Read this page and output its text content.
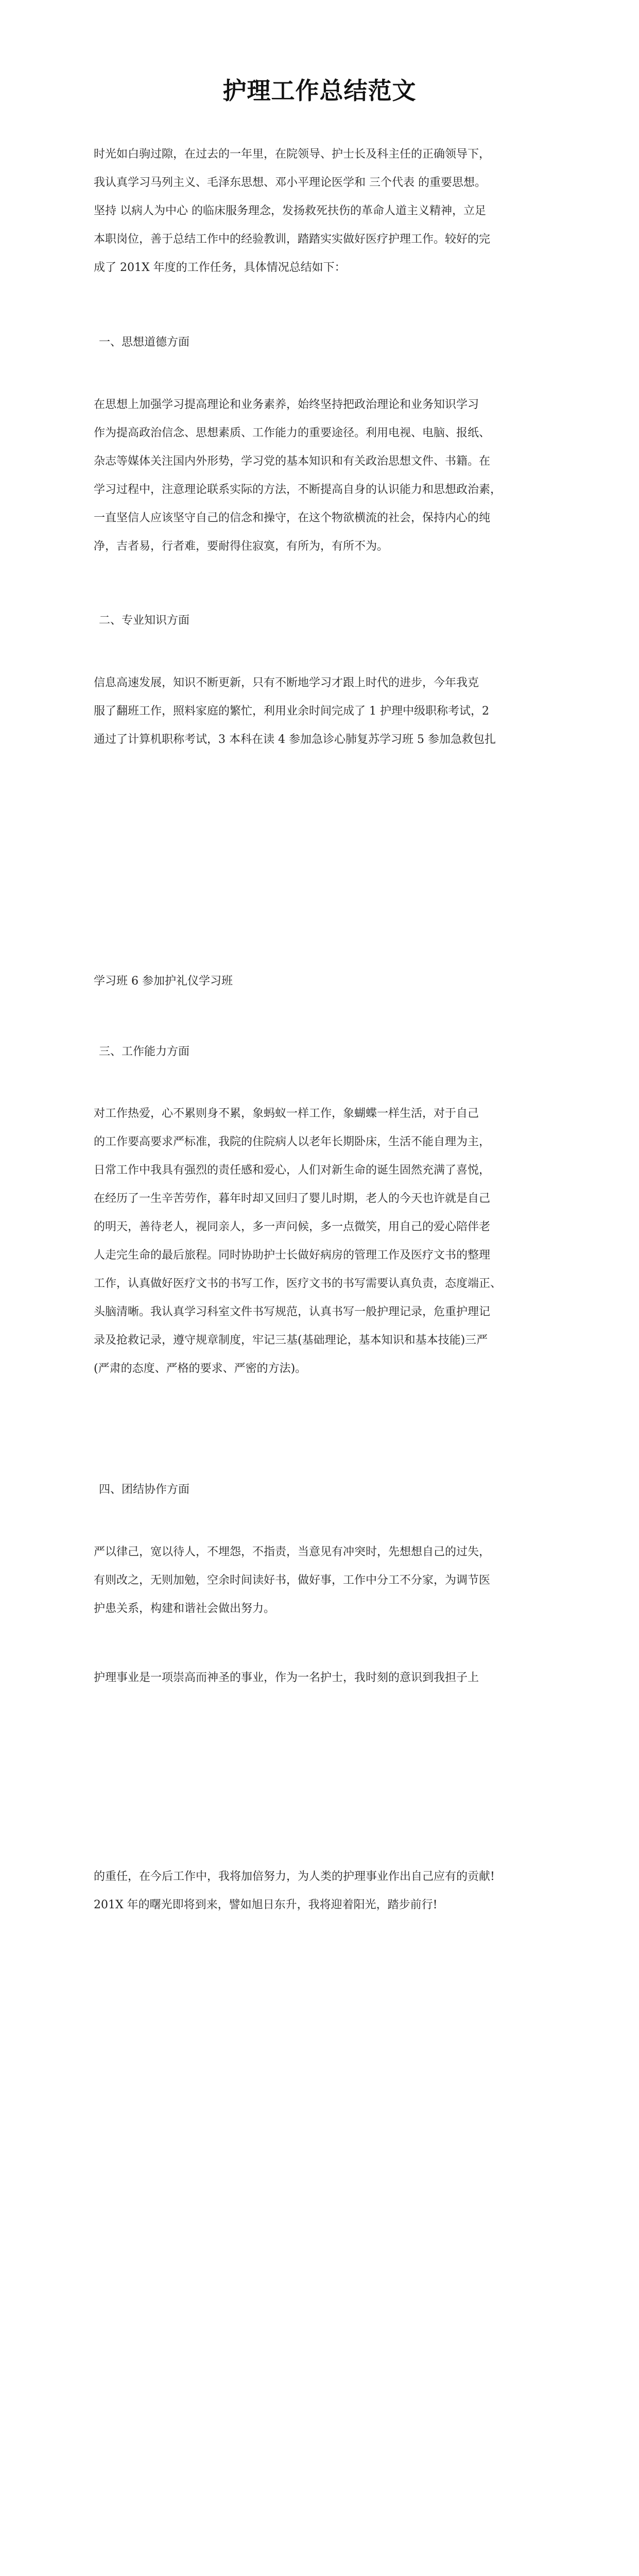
护理工作总结范文

时光如白驹过隙，在过去的一年里，在院领导、护士长及科主任的正确领导下，

我认真学习马列主义、毛泽东思想、邓小平理论医学和 三个代表 的重要思想。

坚持 以病人为中心 的临床服务理念，发扬救死扶伤的革命人道主义精神，立足

本职岗位，善于总结工作中的经验教训，踏踏实实做好医疗护理工作。较好的完

成了 201X 年度的工作任务，具体情况总结如下：

一、思想道德方面

在思想上加强学习提高理论和业务素养，始终坚持把政治理论和业务知识学习

作为提高政治信念、思想素质、工作能力的重要途径。利用电视、电脑、报纸、

杂志等媒体关注国内外形势，学习党的基本知识和有关政治思想文件、书籍。在

学习过程中，注意理论联系实际的方法，不断提高自身的认识能力和思想政治素，

一直坚信人应该坚守自己的信念和操守，在这个物欲横流的社会，保持内心的纯

净，吉者易，行者难，要耐得住寂寞，有所为，有所不为。

二、专业知识方面

信息高速发展，知识不断更新，只有不断地学习才跟上时代的进步，今年我克

服了翻班工作，照料家庭的繁忙，利用业余时间完成了 1 护理中级职称考试，2

通过了计算机职称考试，3 本科在读 4 参加急诊心肺复苏学习班 5 参加急救包扎

学习班 6 参加护礼仪学习班
三、工作能力方面

对工作热爱，心不累则身不累，象蚂蚁一样工作，象蝴蝶一样生活，对于自己

的工作要高要求严标准，我院的住院病人以老年长期卧床，生活不能自理为主，

日常工作中我具有强烈的责任感和爱心，人们对新生命的诞生固然充满了喜悦，

在经历了一生辛苦劳作，暮年时却又回归了婴儿时期，老人的今天也许就是自己

的明天，善待老人，视同亲人，多一声问候，多一点微笑，用自己的爱心陪伴老

人走完生命的最后旅程。同时协助护士长做好病房的管理工作及医疗文书的整理

工作，认真做好医疗文书的书写工作，医疗文书的书写需要认真负责，态度端正、

头脑清晰。我认真学习科室文件书写规范，认真书写一般护理记录，危重护理记

录及抢救记录，遵守规章制度，牢记三基(基础理论，基本知识和基本技能)三严

(严肃的态度、严格的要求、严密的方法)。

四、团结协作方面

严以律己，宽以待人，不埋怨，不指责，当意见有冲突时，先想想自己的过失，

有则改之，无则加勉，空余时间读好书，做好事，工作中分工不分家，为调节医

护患关系，构建和谐社会做出努力。

护理事业是一项崇高而神圣的事业，作为一名护士，我时刻的意识到我担子上
的重任，在今后工作中，我将加倍努力，为人类的护理事业作出自己应有的贡献!
201X 年的曙光即将到来，譬如旭日东升，我将迎着阳光，踏步前行!
